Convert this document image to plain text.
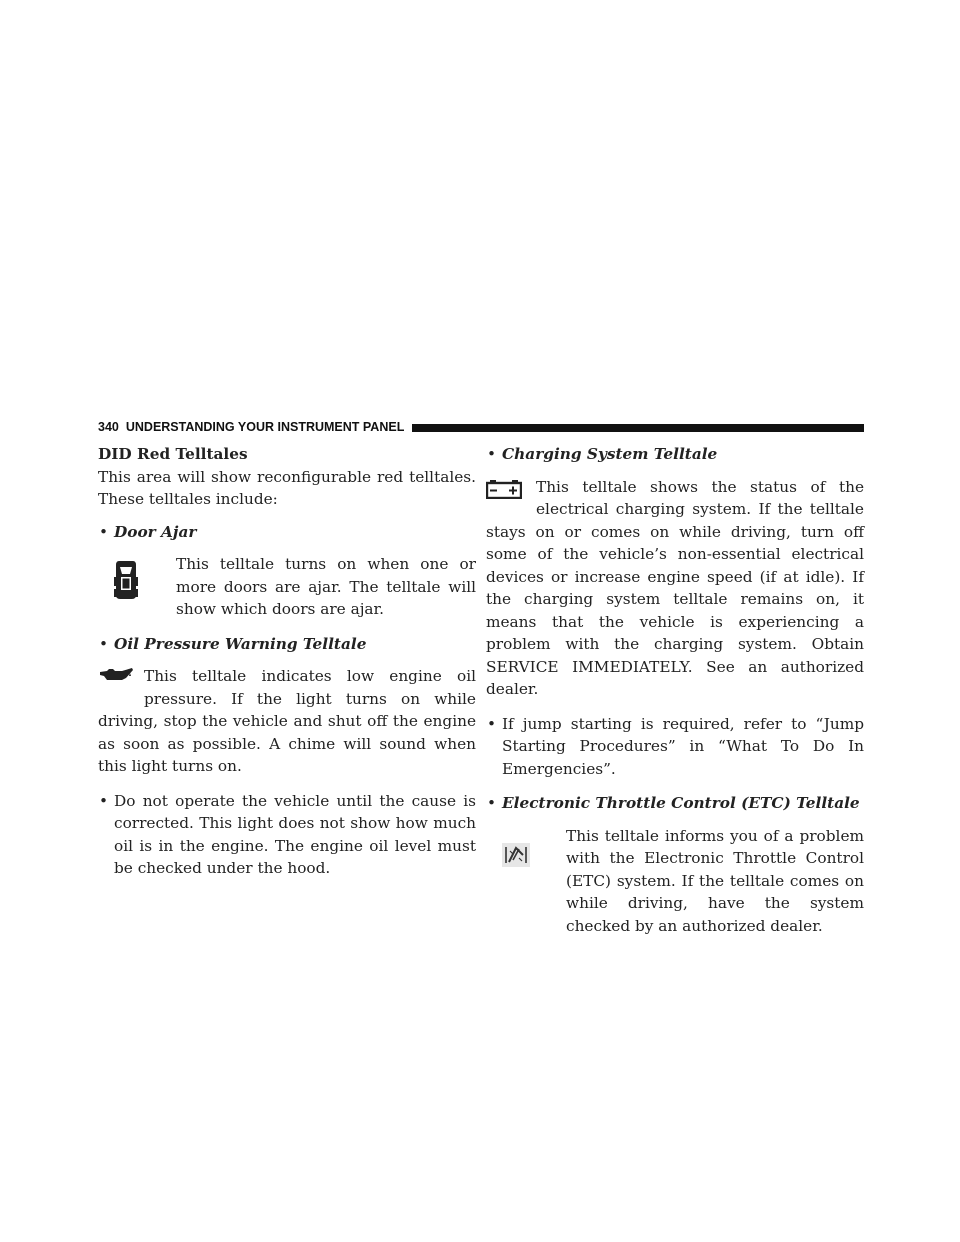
340 UNDERSTANDING YOUR INSTRUMENT PANEL
DID Red Telltales

This area will show reconfigurable red telltales. These telltales include:

• Door Ajar

This telltale turns on when one or more doors are ajar. The telltale will show which doors are ajar.

• Oil Pressure Warning Telltale

This telltale indicates low engine oil pressure. If the light turns on while driving, stop the vehicle and shut off the engine as soon as possible. A chime will sound when this light turns on.

• Do not operate the vehicle until the cause is corrected. This light does not show how much oil is in the engine. The engine oil level must be checked under the hood.
• Charging System Telltale

This telltale shows the status of the electrical charging system. If the telltale stays on or comes on while driving, turn off some of the vehicle’s non-essential electrical devices or increase engine speed (if at idle). If the charging system telltale remains on, it means that the vehicle is experiencing a problem with the charging system. Obtain SERVICE IMMEDIATELY. See an authorized dealer.

• If jump starting is required, refer to “Jump Starting Procedures” in “What To Do In Emergencies”.
• Electronic Throttle Control (ETC) Telltale

This telltale informs you of a problem with the Electronic Throttle Control (ETC) system. If the telltale comes on while driving, have the system checked by an authorized dealer.
